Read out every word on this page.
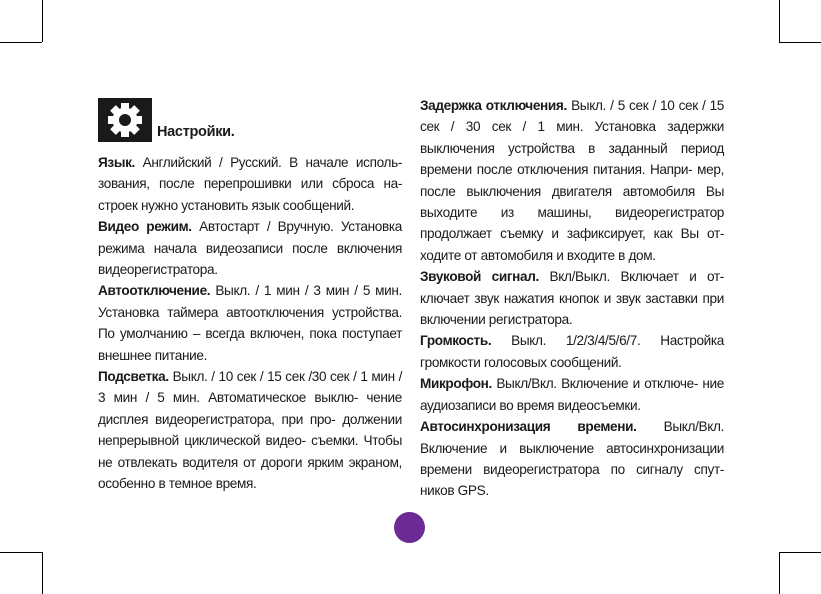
Настройки.

Язык. Английский / Русский. В начале исполь- зования, после перепрошивки или сброса на- строек нужно установить язык сообщений.

Видео режим. Автостарт / Вручную. Установка режима начала видеозаписи после включения видеорегистратора.

Автоотключение. Выкл. / 1 мин / 3 мин / 5 мин. Установка таймера автоотключения устройства. По умолчанию – всегда включен, пока поступает внешнее питание.

Подсветка. Выкл. / 10 сек / 15 сек /30 сек / 1 мин / 3 мин / 5 мин. Автоматическое выклю- чение дисплея видеорегистратора, при про- должении непрерывной циклической видео- съемки. Чтобы не отвлекать водителя от дороги ярким экраном, особенно в темное время.

Задержка отключения. Выкл. / 5 сек / 10 сек / 15 сек / 30 сек / 1 мин. Установка задержки выключения устройства в заданный период времени после отключения питания. Напри- мер, после выключения двигателя автомобиля Вы выходите из машины, видеорегистратор продолжает съемку и зафиксирует, как Вы от- ходите от автомобиля и входите в дом.

Звуковой сигнал. Вкл/Выкл. Включает и от- ключает звук нажатия кнопок и звук заставки при включении регистратора.

Громкость. Выкл. 1/2/3/4/5/6/7. Настройка громкости голосовых сообщений.

Микрофон. Выкл/Вкл. Включение и отключе- ние аудиозаписи во время видеосъемки.

Автосинхронизация времени. Выкл/Вкл. Включение и выключение автосинхронизации времени видеорегистратора по сигналу спут- ников GPS.
